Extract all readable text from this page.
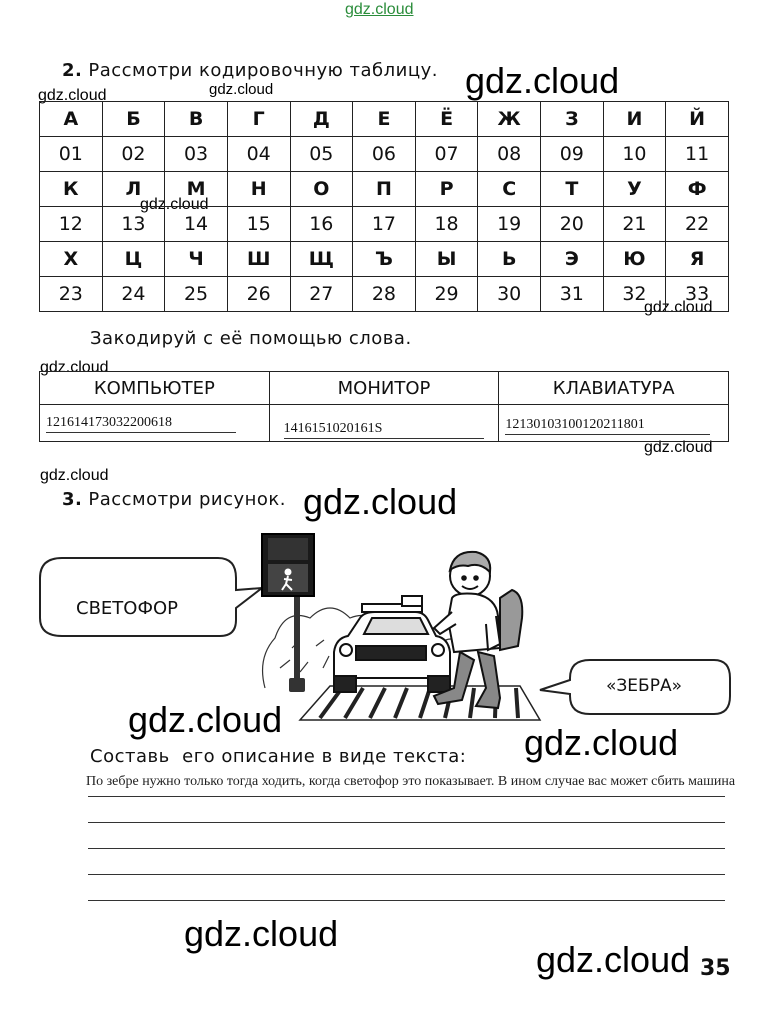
gdz.cloud
gdz.cloud
gdz.cloud	gdz.cloud
gdz.cloud
gdz.cloud
gdz.cloud
gdz.cloud
gdz.cloud
gdz.cloud
gdz.cloud
gdz.cloud
gdz.cloud
gdz.cloud
2. Рассмотри кодировочную таблицу.
А	Б	В	Г	Д	Е	Ё	Ж	З	И	Й
01	02	03	04	05	06	07	08	09	10	11
К	Л	М	Н	О	П	Р	С	Т	У	Ф
12	13	14	15	16	17	18	19	20	21	22
Х	Ц	Ч	Ш	Щ	Ъ	Ы	Ь	Э	Ю	Я
23	24	25	26	27	28	29	30	31	32	33
Закодируй с её помощью слова.
КОМПЬЮТЕР	МОНИТОР	КЛАВИАТУРА
121614173032200618	1416151020161S	12130103100120211801
3. Рассмотри рисунок.
СВЕТОФОР
«ЗЕБРА»
Составь  его описание в виде текста:
По зебре нужно только тогда ходить, когда светофор это показывает. В ином случае вас может сбить машина
35
